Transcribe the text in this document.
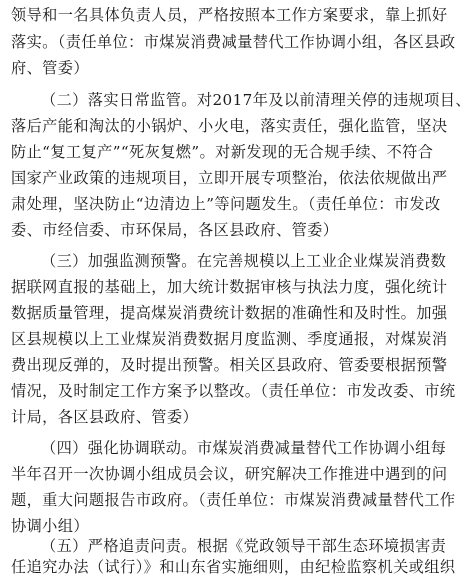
领导和一名具体负责人员，严格按照本工作方案要求，靠上抓好
落实。（责任单位：市煤炭消费减量替代工作协调小组，各区县政
府、管委）
（二）落实日常监管。对2017年及以前清理关停的违规项目、
落后产能和淘汰的小锅炉、小火电，落实责任，强化监管，坚决
防止“复工复产”“死灰复燃”。对新发现的无合规手续、不符合
国家产业政策的违规项目，立即开展专项整治，依法依规做出严
肃处理，坚决防止“边清边上”等问题发生。（责任单位：市发改
委、市经信委、市环保局，各区县政府、管委）
（三）加强监测预警。在完善规模以上工业企业煤炭消费数
据联网直报的基础上，加大统计数据审核与执法力度，强化统计
数据质量管理，提高煤炭消费统计数据的准确性和及时性。加强
区县规模以上工业煤炭消费数据月度监测、季度通报，对煤炭消
费出现反弹的，及时提出预警。相关区县政府、管委要根据预警
情况，及时制定工作方案予以整改。（责任单位：市发改委、市统
计局，各区县政府、管委）
（四）强化协调联动。市煤炭消费减量替代工作协调小组每
半年召开一次协调小组成员会议，研究解决工作推进中遇到的问
题，重大问题报告市政府。（责任单位：市煤炭消费减量替代工作
协调小组）
（五）严格追责问责。根据《党政领导干部生态环境损害责
任追究办法（试行）》和山东省实施细则，由纪检监察机关或组织
